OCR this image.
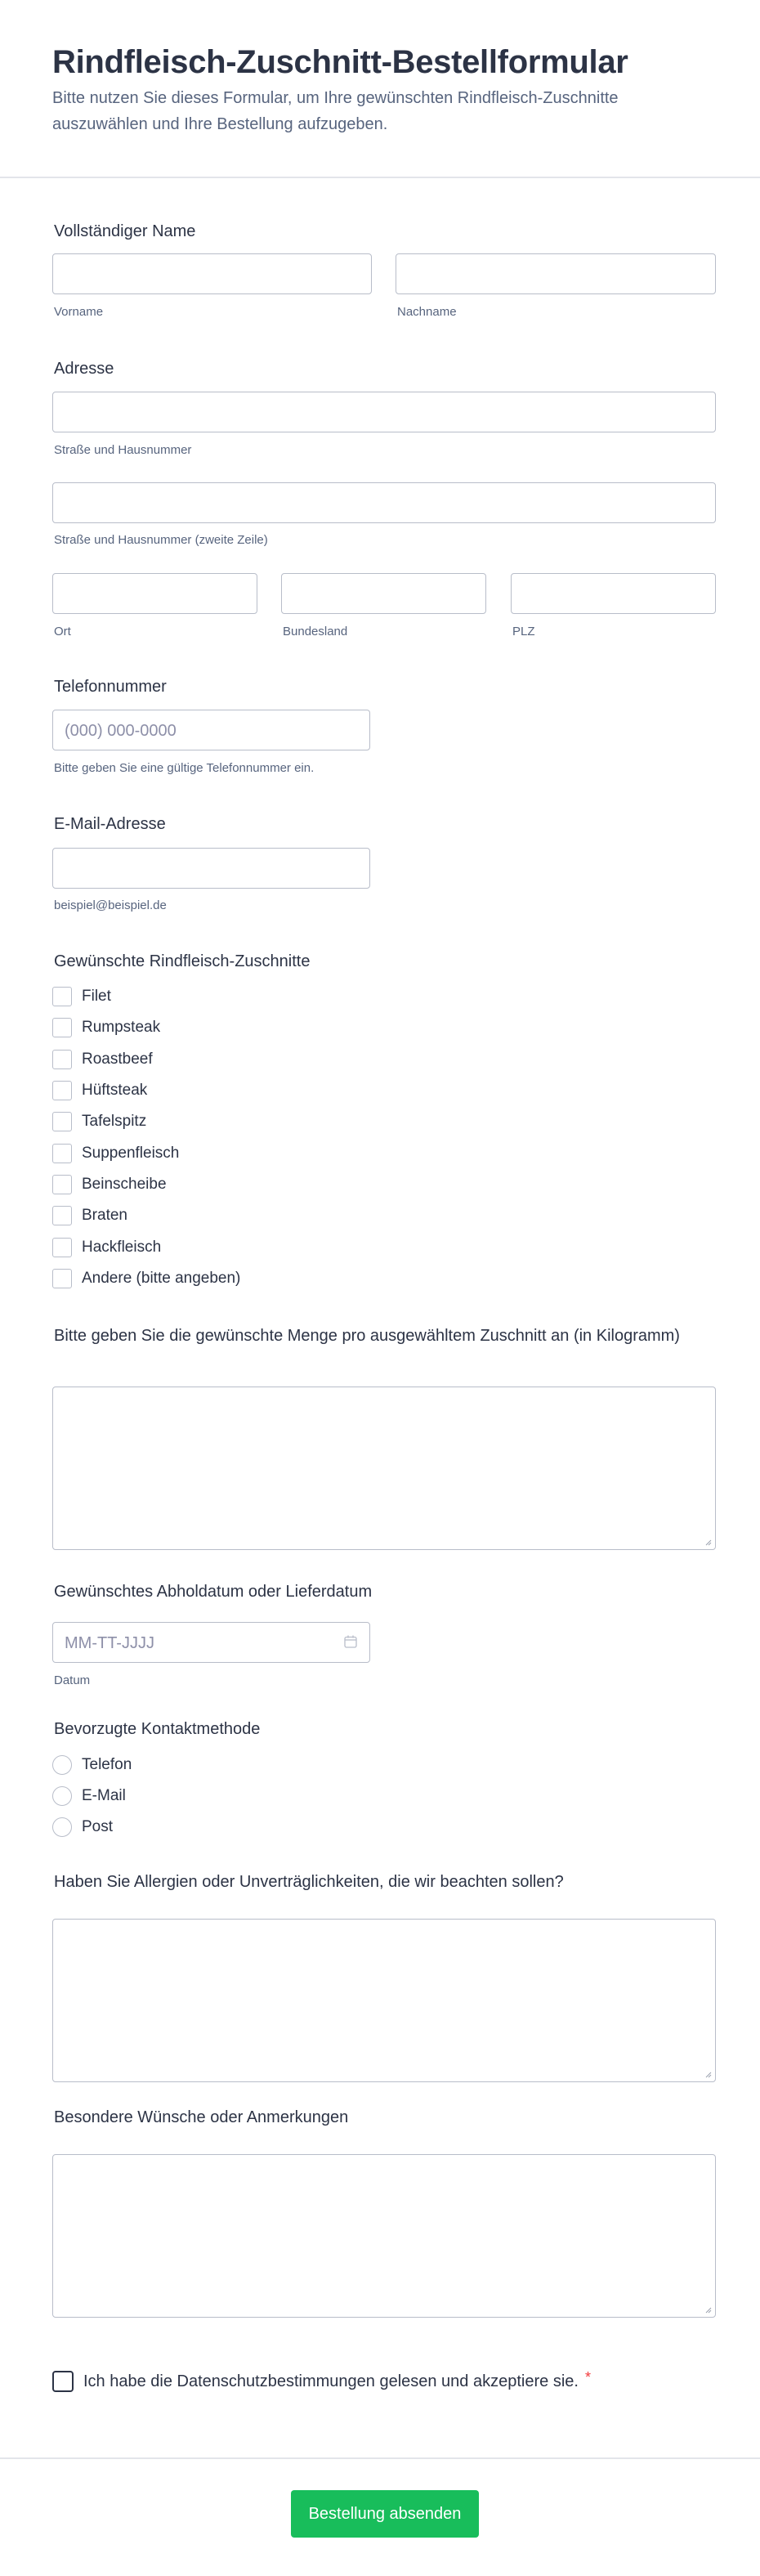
Rindfleisch-Zuschnitt-Bestellformular

Bitte nutzen Sie dieses Formular, um Ihre gewünschten Rindfleisch-Zuschnitte auszuwählen und Ihre Bestellung aufzugeben.

Vollständiger Name
Vorname	Nachname
Adresse
Straße und Hausnummer
Straße und Hausnummer (zweite Zeile)
Ort	Bundesland	PLZ
Telefonnummer
(000) 000-0000
Bitte geben Sie eine gültige Telefonnummer ein.
E-Mail-Adresse
beispiel@beispiel.de
Gewünschte Rindfleisch-Zuschnitte
Filet
Rumpsteak
Roastbeef
Hüftsteak
Tafelspitz
Suppenfleisch
Beinscheibe
Braten
Hackfleisch
Andere (bitte angeben)
Bitte geben Sie die gewünschte Menge pro ausgewähltem Zuschnitt an (in Kilogramm)
Gewünschtes Abholdatum oder Lieferdatum
MM-TT-JJJJ
Datum
Bevorzugte Kontaktmethode
Telefon
E-Mail
Post
Haben Sie Allergien oder Unverträglichkeiten, die wir beachten sollen?
Besondere Wünsche oder Anmerkungen
Ich habe die Datenschutzbestimmungen gelesen und akzeptiere sie. *
Bestellung absenden
